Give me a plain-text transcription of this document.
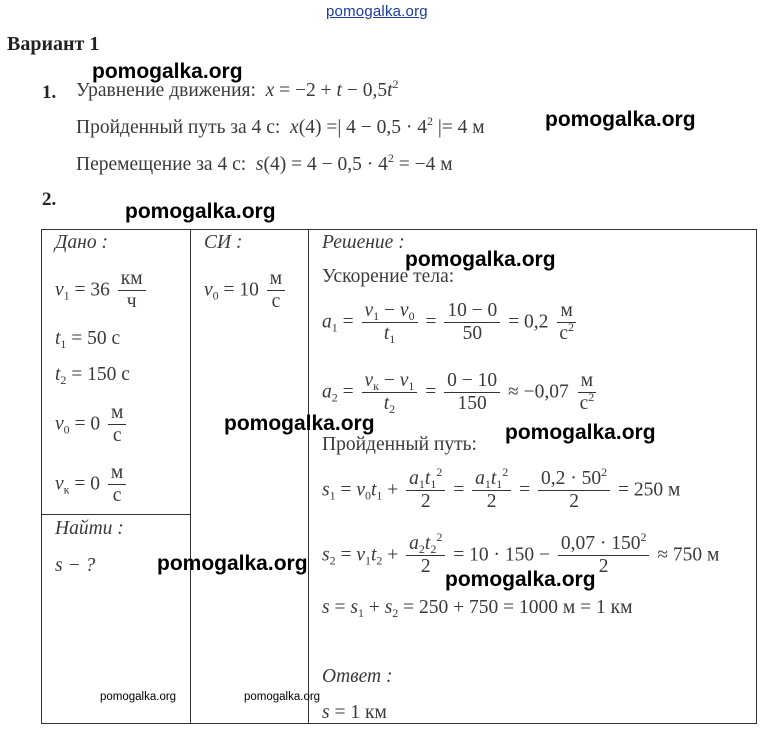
pomogalka.org
Вариант 1
1. Уравнение движения: $x = -2 + t - 0,5t^2$
Пройденный путь за 4 с: x(4) =| $4 - 0,5 \cdot 4^2$ |= 4 м
Перемещение за 4 с: $s(4) = 4 - 0,5 \cdot 4^2 = -4$ м
2.
Дано :
$v_1 = 36 \frac{км}{ч}$
$t_1 = 50$ с
$t_2 = 150$ с
$v_0 = 0 \frac{м}{с}$
$v_к = 0 \frac{м}{с}$
Найти :
s − ?
СИ :
$v_0 = 10 \frac{м}{с}$
Решение :
Ускорение тела:
$a_1 = \frac{v_1 - v_0}{t_1} = \frac{10 - 0}{50} = 0,2 \frac{м}{с^2}$
$a_2 = \frac{v_к - v_1}{t_2} = \frac{0 - 10}{150} \approx -0,07 \frac{м}{с^2}$
Пройденный путь:
$s_1 = v_0t_1 + \frac{a_1t_1^2}{2} = \frac{a_1t_1^2}{2} = \frac{0,2 \cdot 50^2}{2} = 250$ м
$s_2 = v_1t_2 + \frac{a_2t_2^2}{2} = 10 \cdot 150 - \frac{0,07 \cdot 150^2}{2} \approx 750$ м
$s = s_1 + s_2 = 250 + 750 = 1000$ м = 1 км
Ответ :
s = 1 км
pomogalka.org
pomogalka.org
pomogalka.org
pomogalka.org
pomogalka.org	pomogalka.org
pomogalka.org
pomogalka.org
pomogalka.org	pomogalka.org
